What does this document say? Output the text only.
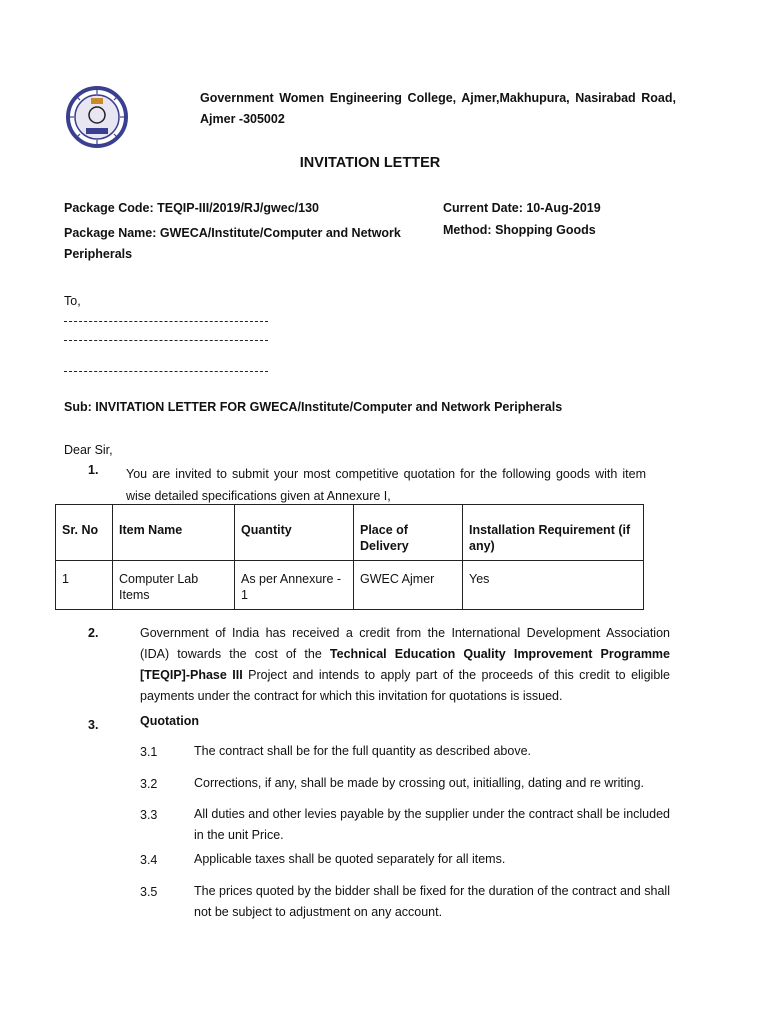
Government Women Engineering College, Ajmer,Makhupura, Nasirabad Road, Ajmer -305002
INVITATION LETTER
Package Code: TEQIP-III/2019/RJ/gwec/130
Package Name: GWECA/Institute/Computer and Network Peripherals
Current Date: 10-Aug-2019
Method: Shopping Goods
To,
Sub: INVITATION LETTER FOR GWECA/Institute/Computer and Network Peripherals
Dear Sir,
1. You are invited to submit your most competitive quotation for the following goods with item wise detailed specifications given at Annexure I,
Sr. No	Item Name	Quantity	Place of Delivery	Installation Requirement (if any)
1	Computer Lab Items	As per Annexure - 1	GWEC Ajmer	Yes
2.	Government of India has received a credit from the International Development Association (IDA) towards the cost of the Technical Education Quality Improvement Programme [TEQIP]-Phase III Project and intends to apply part of the proceeds of this credit to eligible payments under the contract for which this invitation for quotations is issued.
3.	Quotation
3.1	The contract shall be for the full quantity as described above.
3.2	Corrections, if any, shall be made by crossing out, initialling, dating and re writing.
3.3	All duties and other levies payable by the supplier under the contract shall be included in the unit Price.
3.4	Applicable taxes shall be quoted separately for all items.
3.5	The prices quoted by the bidder shall be fixed for the duration of the contract and shall not be subject to adjustment on any account.
